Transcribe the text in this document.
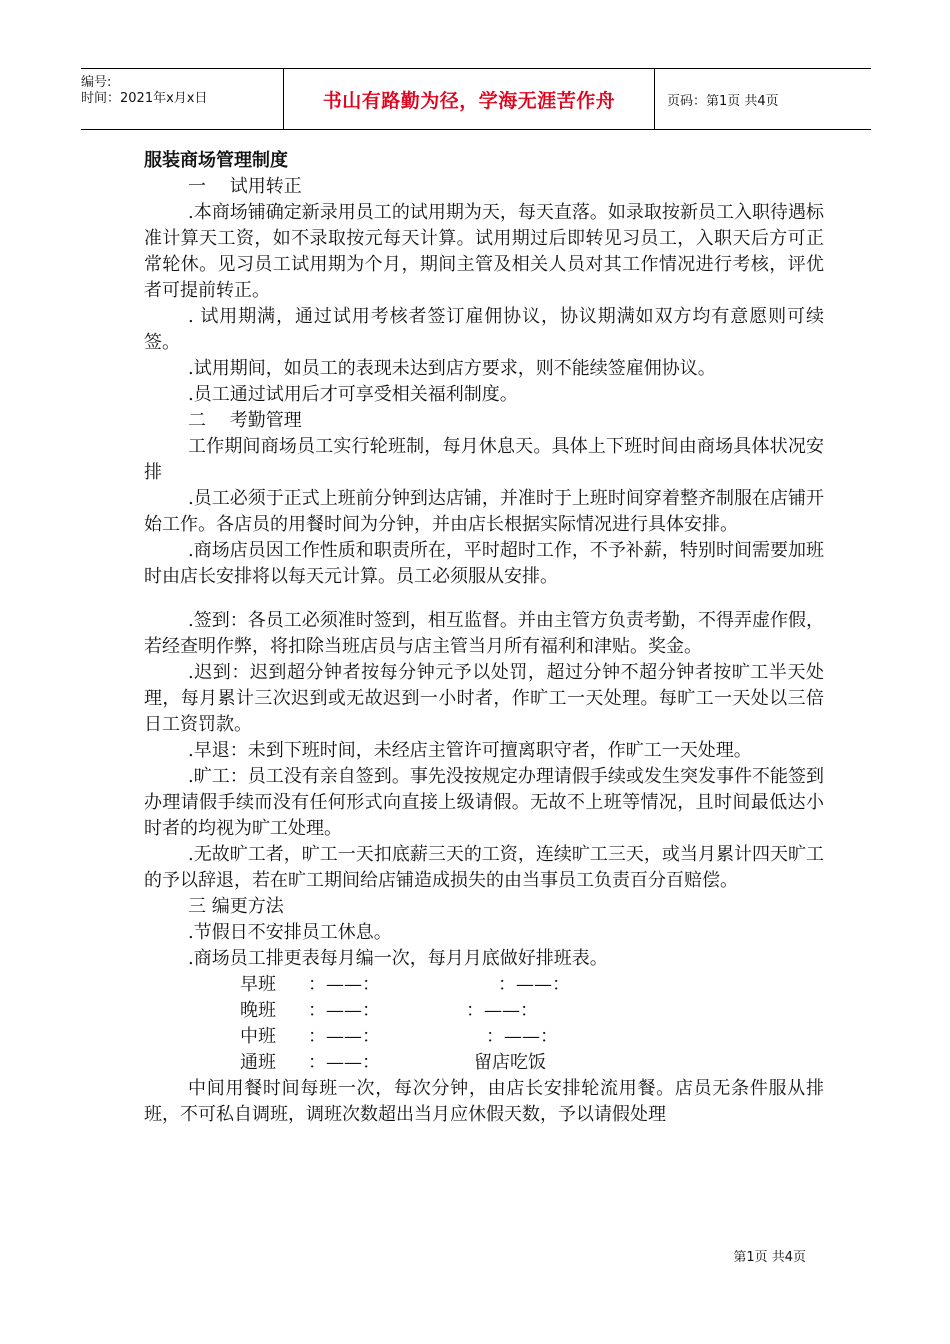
编号:
时间：2021年x月x日	书山有路勤为径，学海无涯苦作舟	页码：第1页 共4页

服装商场管理制度

一　 试用转正

.本商场铺确定新录用员工的试用期为天，每天直落。如录取按新员工入职待遇标准计算天工资，如不录取按元每天计算。试用期过后即转见习员工，入职天后方可正常轮休。见习员工试用期为个月，期间主管及相关人员对其工作情况进行考核，评优者可提前转正。

. 试用期满，通过试用考核者签订雇佣协议，协议期满如双方均有意愿则可续签。

.试用期间，如员工的表现未达到店方要求，则不能续签雇佣协议。

.员工通过试用后才可享受相关福利制度。

二　 考勤管理

工作期间商场员工实行轮班制，每月休息天。具体上下班时间由商场具体状况安排

.员工必须于正式上班前分钟到达店铺，并准时于上班时间穿着整齐制服在店铺开始工作。各店员的用餐时间为分钟，并由店长根据实际情况进行具体安排。

.商场店员因工作性质和职责所在，平时超时工作，不予补薪，特别时间需要加班时由店长安排将以每天元计算。员工必须服从安排。

.签到：各员工必须准时签到，相互监督。并由主管方负责考勤，不得弄虚作假，若经查明作弊，将扣除当班店员与店主管当月所有福利和津贴。奖金。

.迟到：迟到超分钟者按每分钟元予以处罚，超过分钟不超分钟者按旷工半天处理，每月累计三次迟到或无故迟到一小时者，作旷工一天处理。每旷工一天处以三倍日工资罚款。

.早退：未到下班时间，未经店主管许可擅离职守者，作旷工一天处理。

.旷工：员工没有亲自签到。事先没按规定办理请假手续或发生突发事件不能签到办理请假手续而没有任何形式向直接上级请假。无故不上班等情况，且时间最低达小时者的均视为旷工处理。

.无故旷工者，旷工一天扣底薪三天的工资，连续旷工三天，或当月累计四天旷工的予以辞退，若在旷工期间给店铺造成损失的由当事员工负责百分百赔偿。

三 编更方法

.节假日不安排员工休息。

.商场员工排更表每月编一次，每月月底做好排班表。

早班 ：——：	：——：
晚班 ：——：	：——：
中班 ：——：	：——：
通班 ：——：	留店吃饭

中间用餐时间每班一次，每次分钟，由店长安排轮流用餐。店员无条件服从排班，不可私自调班，调班次数超出当月应休假天数，予以请假处理

第1页 共4页
